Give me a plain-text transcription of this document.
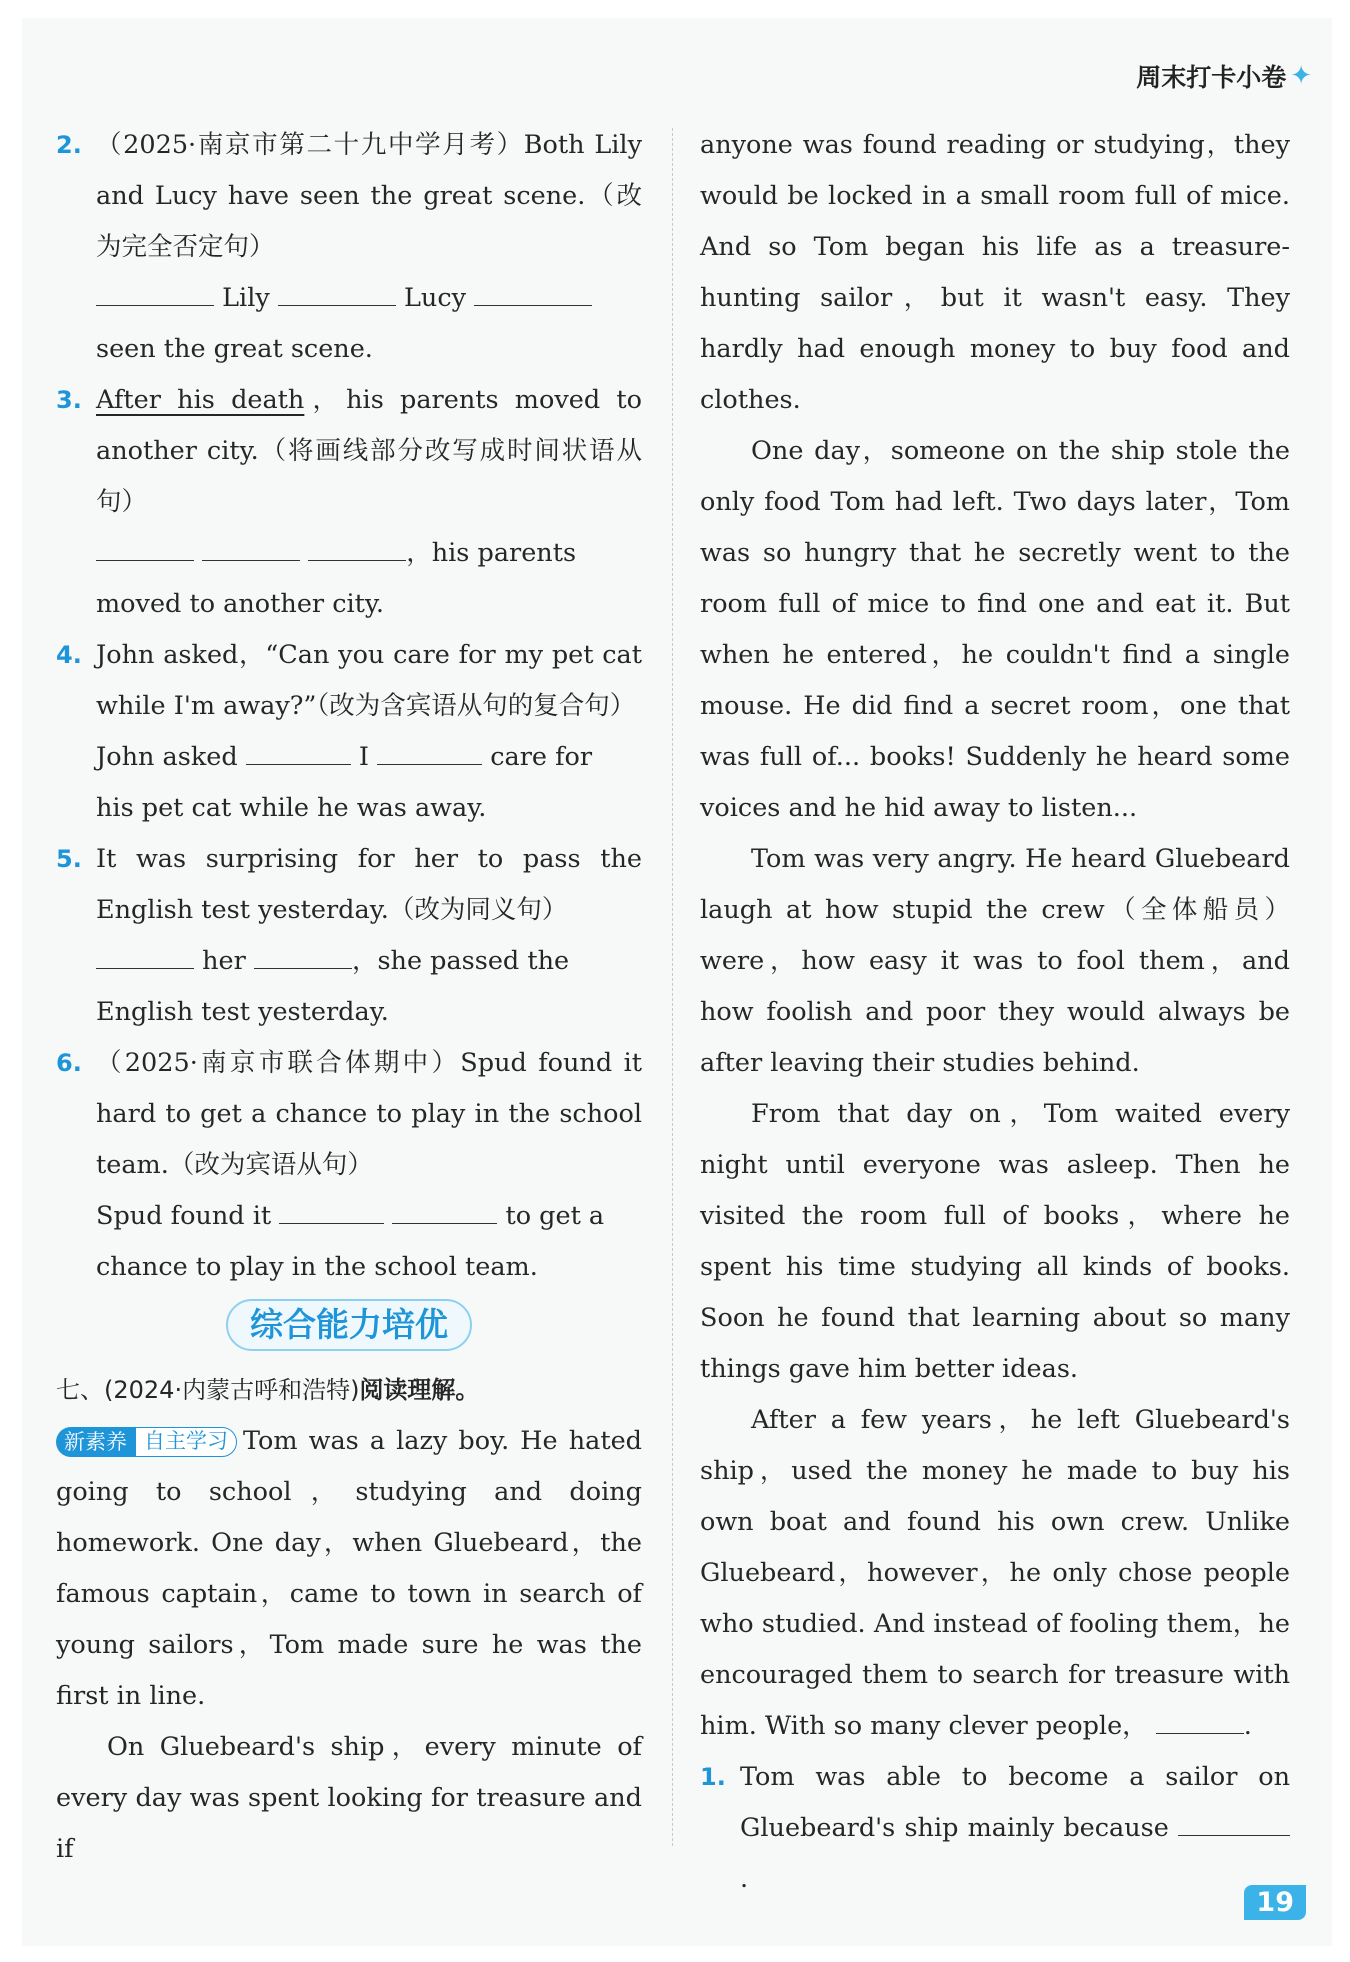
周末打卡小卷 ✦
2. （2025·南京市第二十九中学月考）Both Lily and Lucy have seen the great scene.（改为完全否定句）

Lily	Lucy

seen the great scene.

3. After his death，his parents moved to another city.（将画线部分改写成时间状语从句）

，his parents

moved to another city.

4. John asked，“Can you care for my pet cat while I'm away?”（改为含宾语从句的复合句）

John asked	I	care for

his pet cat while he was away.

5. It was surprising for her to pass the English test yesterday.（改为同义句）

her	，she passed the

English test yesterday.

6. （2025·南京市联合体期中）Spud found it hard to get a chance to play in the school team.（改为宾语从句）

Spud found it	to get a

chance to play in the school team.

综合能力培优

七、(2024·内蒙古呼和浩特)阅读理解。

新素养 自主学习 Tom was a lazy boy. He hated going to school，studying and doing homework. One day，when Gluebeard，the famous captain，came to town in search of young sailors，Tom made sure he was the first in line.

On Gluebeard's ship，every minute of every day was spent looking for treasure and if

anyone was found reading or studying，they would be locked in a small room full of mice. And so Tom began his life as a treasure-hunting sailor，but it wasn't easy. They hardly had enough money to buy food and clothes.

One day，someone on the ship stole the only food Tom had left. Two days later，Tom was so hungry that he secretly went to the room full of mice to find one and eat it. But when he entered，he couldn't find a single mouse. He did find a secret room，one that was full of... books! Suddenly he heard some voices and he hid away to listen...

Tom was very angry. He heard Gluebeard laugh at how stupid the crew（全体船员）were，how easy it was to fool them，and how foolish and poor they would always be after leaving their studies behind.

From that day on，Tom waited every night until everyone was asleep. Then he visited the room full of books，where he spent his time studying all kinds of books. Soon he found that learning about so many things gave him better ideas.

After a few years，he left Gluebeard's ship，used the money he made to buy his own boat and found his own crew. Unlike Gluebeard，however，he only chose people who studied. And instead of fooling them，he encouraged them to search for treasure with him. With so many clever people，	.

1. Tom was able to become a sailor on Gluebeard's ship mainly because .

19
